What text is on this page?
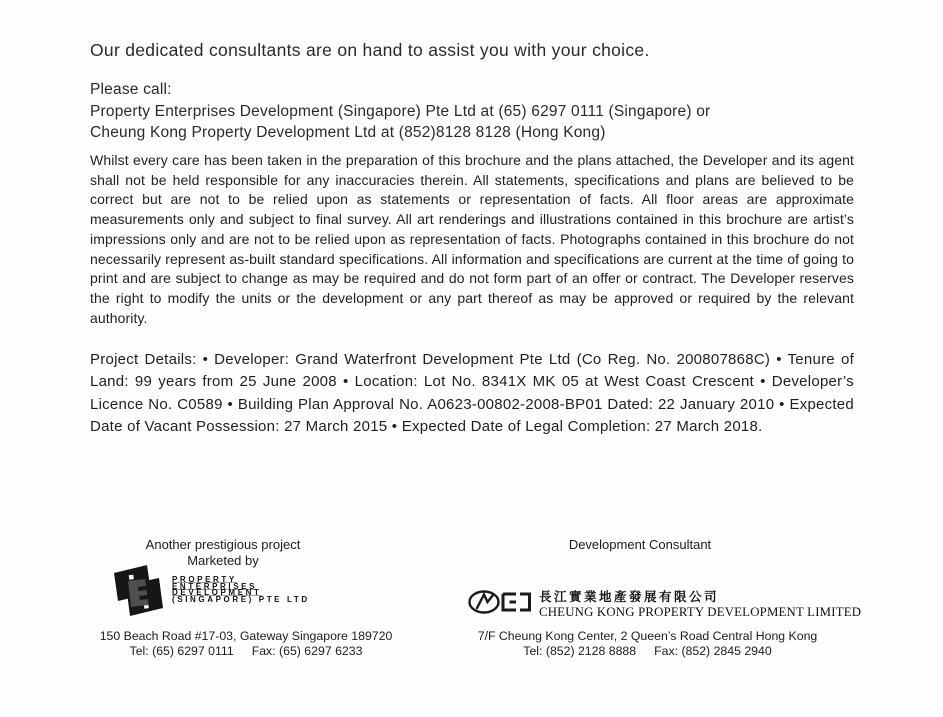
Our dedicated consultants are on hand to assist you with your choice.
Please call:
Property Enterprises Development (Singapore) Pte Ltd at (65) 6297 0111 (Singapore) or
Cheung Kong Property Development Ltd at (852)8128 8128 (Hong Kong)
Whilst every care has been taken in the preparation of this brochure and the plans attached, the Developer and its agent shall not be held responsible for any inaccuracies therein. All statements, specifications and plans are believed to be correct but are not to be relied upon as statements or representation of facts. All floor areas are approximate measurements only and subject to final survey. All art renderings and illustrations contained in this brochure are artist’s impressions only and are not to be relied upon as representation of facts. Photographs contained in this brochure do not necessarily represent as-built standard specifications. All information and specifications are current at the time of going to print and are subject to change as may be required and do not form part of an offer or contract. The Developer reserves the right to modify the units or the development or any part thereof as may be approved or required by the relevant authority.
Project Details: • Developer: Grand Waterfront Development Pte Ltd (Co Reg. No. 200807868C) • Tenure of Land: 99 years from 25 June 2008 • Location: Lot No. 8341X MK 05 at West Coast Crescent • Developer’s Licence No. C0589 • Building Plan Approval No. A0623-00802-2008-BP01 Dated: 22 January 2010 • Expected Date of Vacant Possession: 27 March 2015 • Expected Date of Legal Completion: 27 March 2018.
Another prestigious project
Marketed by
PROPERTY
ENTERPRISES
DEVELOPMENT
(SINGAPORE) PTE LTD
150 Beach Road #17-03, Gateway Singapore 189720
Tel: (65) 6297 0111 Fax: (65) 6297 6233
Development Consultant
長江實業地產發展有限公司
CHEUNG KONG PROPERTY DEVELOPMENT LIMITED
7/F Cheung Kong Center, 2 Queen’s Road Central Hong Kong
Tel: (852) 2128 8888 Fax: (852) 2845 2940
